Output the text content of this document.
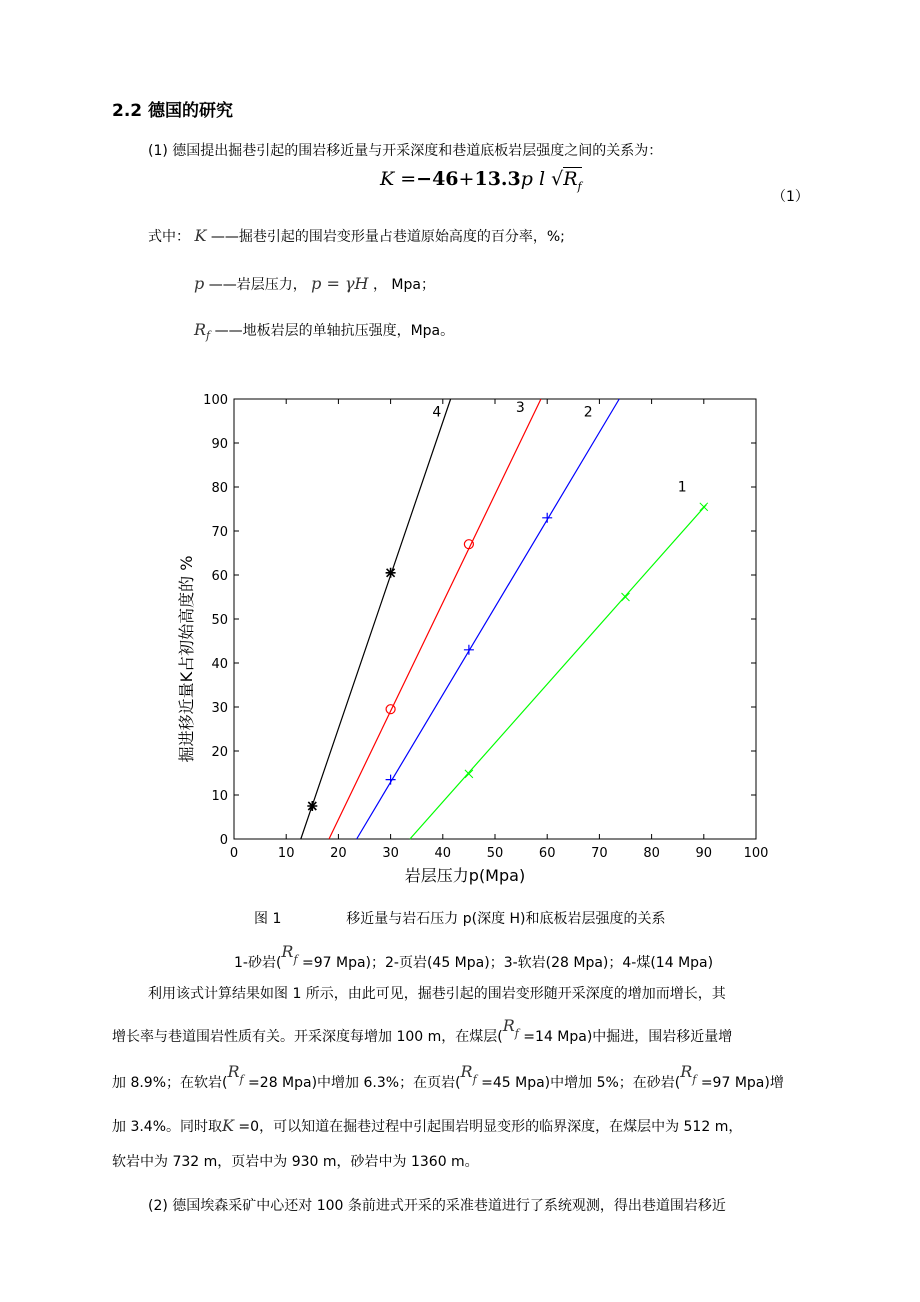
2.2 德国的研究
(1) 德国提出掘巷引起的围岩移近量与开采深度和巷道底板岩层强度之间的关系为：
K =−46+13.3p l $√R_f$
（1）
式中： K ——掘巷引起的围岩变形量占巷道原始高度的百分率，%;
p ——岩层压力， p = γH ， Mpa；
$R_f$ ——地板岩层的单轴抗压强度，Mpa。
0	10	20	30	40	50	60	70	80	90 100
0
10
20
30
40
50
60
70
80
90
100
岩层压力p(Mpa)
掘进移近量K占初始高度的 %
1
2
3
4
图 1	移近量与岩石压力 p(深度 H)和底板岩层强度的关系
1-砂岩($R_f =97$ Mpa)；2-页岩(45 Mpa)；3-软岩(28 Mpa)；4-煤(14 Mpa)
利用该式计算结果如图 1 所示，由此可见，掘巷引起的围岩变形随开采深度的增加而增长，其
增长率与巷道围岩性质有关。开采深度每增加 100 m，在煤层($R_f =14$ Mpa)中掘进，围岩移近量增
加 8.9%；在软岩($R_f =28$ Mpa)中增加 6.3%；在页岩($R_f =45$ Mpa)中增加 5%；在砂岩($R_f =97$ Mpa)增
加 3.4%。同时取K =0，可以知道在掘巷过程中引起围岩明显变形的临界深度，在煤层中为 512 m，
软岩中为 732 m，页岩中为 930 m，砂岩中为 1360 m。
(2) 德国埃森采矿中心还对 100 条前进式开采的采准巷道进行了系统观测，得出巷道围岩移近
